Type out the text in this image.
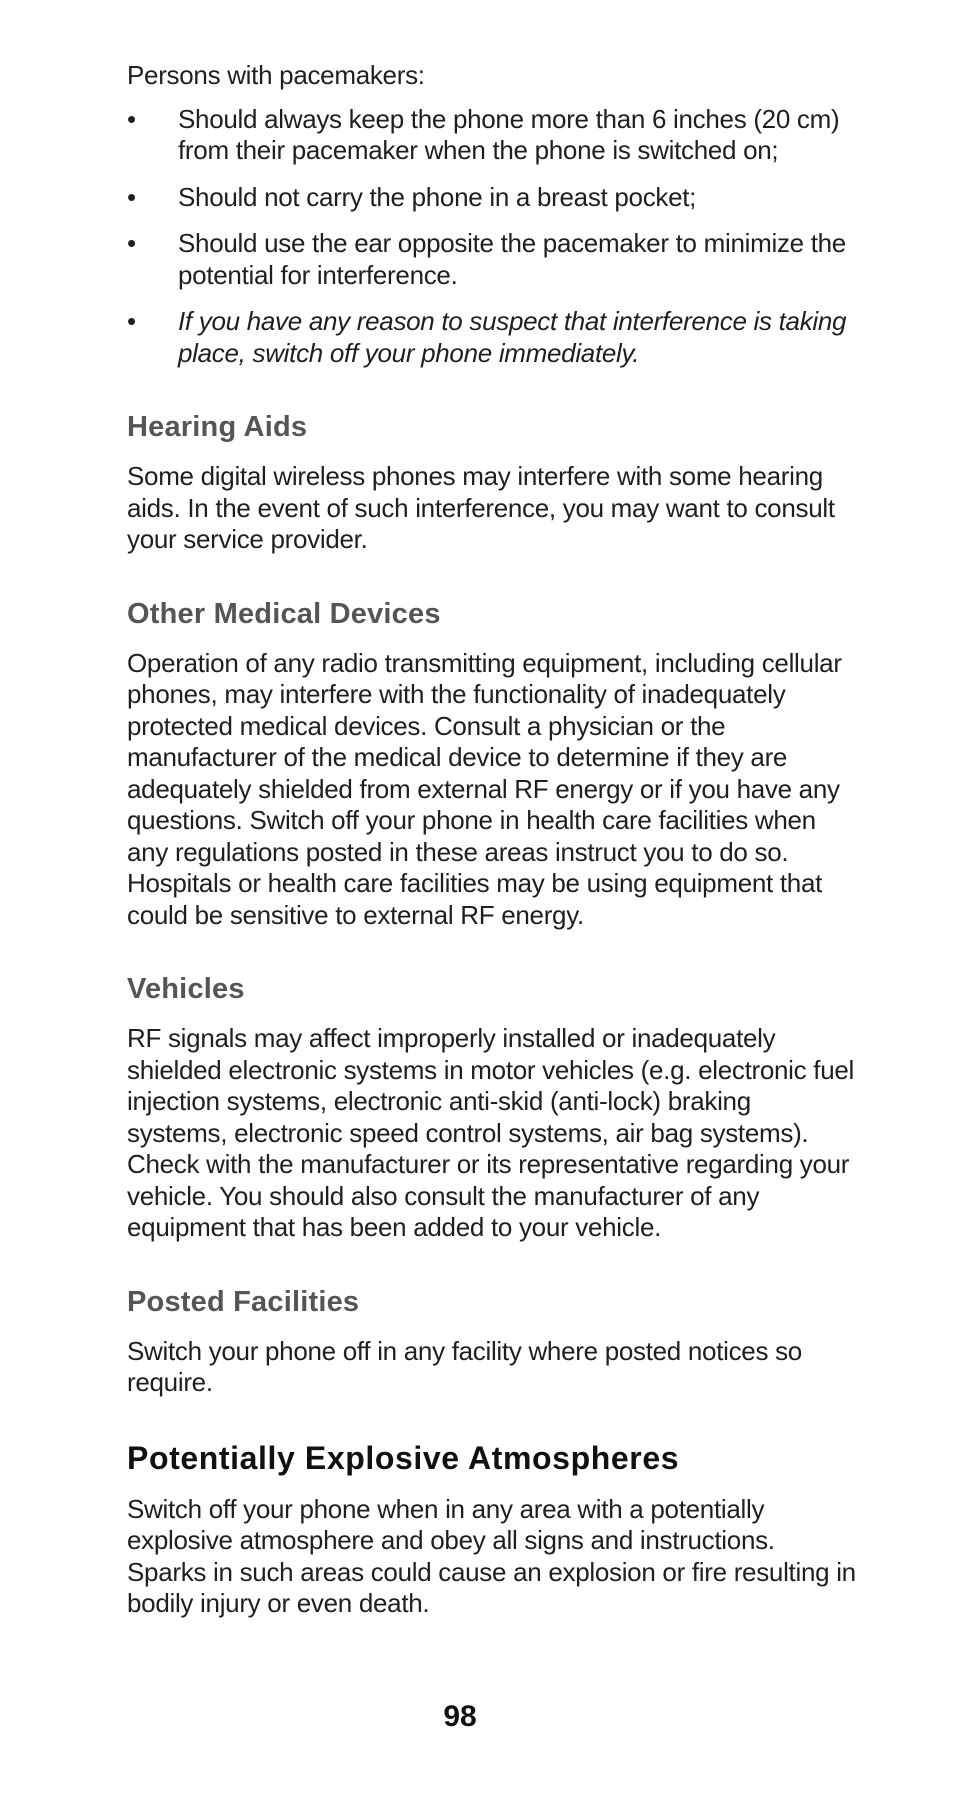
Persons with pacemakers:

• Should always keep the phone more than 6 inches (20 cm) from their pacemaker when the phone is switched on;
• Should not carry the phone in a breast pocket;
• Should use the ear opposite the pacemaker to minimize the potential for interference.
• If you have any reason to suspect that interference is taking place, switch off your phone immediately.
Hearing Aids

Some digital wireless phones may interfere with some hearing aids. In the event of such interference, you may want to consult your service provider.

Other Medical Devices

Operation of any radio transmitting equipment, including cellular phones, may interfere with the functionality of inadequately protected medical devices. Consult a physician or the manufacturer of the medical device to determine if they are adequately shielded from external RF energy or if you have any questions. Switch off your phone in health care facilities when any regulations posted in these areas instruct you to do so. Hospitals or health care facilities may be using equipment that could be sensitive to external RF energy.

Vehicles

RF signals may affect improperly installed or inadequately shielded electronic systems in motor vehicles (e.g. electronic fuel injection systems, electronic anti-skid (anti-lock) braking systems, electronic speed control systems, air bag systems). Check with the manufacturer or its representative regarding your vehicle. You should also consult the manufacturer of any equipment that has been added to your vehicle.

Posted Facilities

Switch your phone off in any facility where posted notices so require.

Potentially Explosive Atmospheres

Switch off your phone when in any area with a potentially explosive atmosphere and obey all signs and instructions. Sparks in such areas could cause an explosion or fire resulting in bodily injury or even death.

98
